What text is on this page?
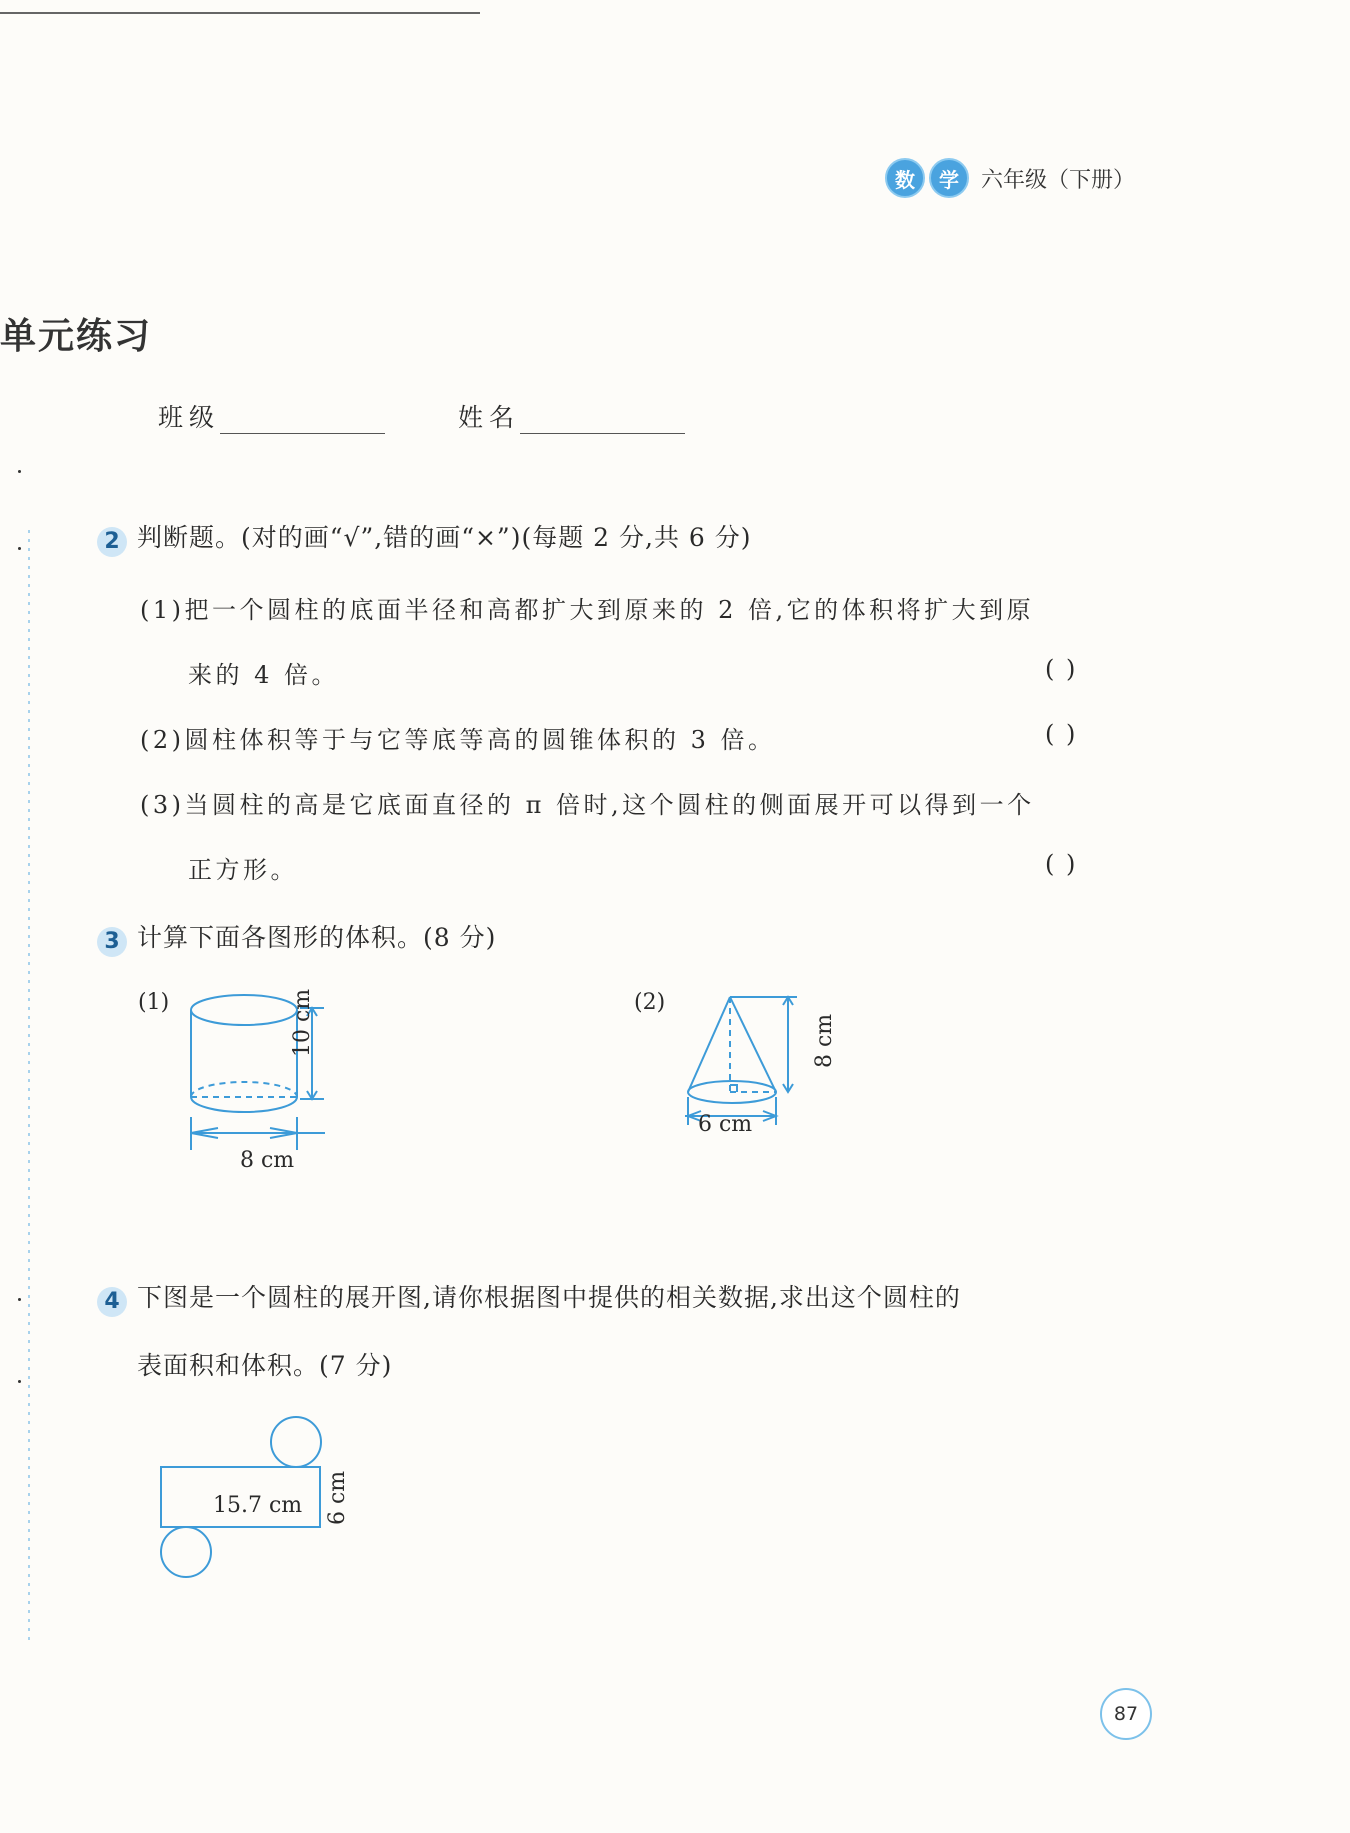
数	学	六年级（下册）
单元练习
班级	姓名
2 判断题。(对的画“√”,错的画“×”)(每题 2 分,共 6 分)
(1)把一个圆柱的底面半径和高都扩大到原来的 2 倍,它的体积将扩大到原
来的 4 倍。	( )
(2)圆柱体积等于与它等底等高的圆锥体积的 3 倍。	( )
(3)当圆柱的高是它底面直径的 π 倍时,这个圆柱的侧面展开可以得到一个
正方形。	( )
3 计算下面各图形的体积。(8 分)
(1)	10 cm
8 cm
(2)
8 cm
6 cm
4 下图是一个圆柱的展开图,请你根据图中提供的相关数据,求出这个圆柱的
表面积和体积。(7 分)
15.7 cm 6 cm
87
